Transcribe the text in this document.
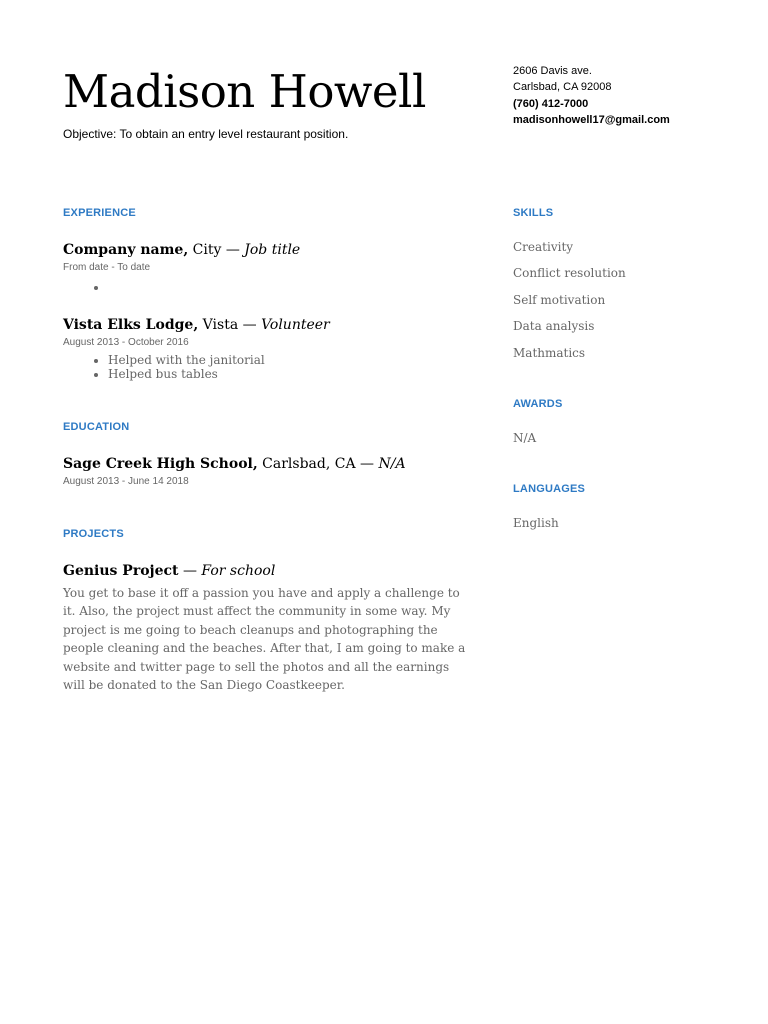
Madison Howell
Objective: To obtain an entry level restaurant position.
2606 Davis ave.
Carlsbad, CA 92008
(760) 412-7000
madisonhowell17@gmail.com
EXPERIENCE
Company name, City — Job title
From date - To date
•
Vista Elks Lodge, Vista — Volunteer
August 2013 - October 2016
• Helped with the janitorial
• Helped bus tables
EDUCATION
Sage Creek High School, Carlsbad, CA — N/A
August 2013 - June 14 2018
PROJECTS
Genius Project — For school
You get to base it off a passion you have and apply a challenge to it. Also, the project must affect the community in some way. My project is me going to beach cleanups and photographing the people cleaning and the beaches. After that, I am going to make a website and twitter page to sell the photos and all the earnings will be donated to the San Diego Coastkeeper.
SKILLS
Creativity
Conflict resolution
Self motivation
Data analysis
Mathmatics
AWARDS
N/A
LANGUAGES
English
